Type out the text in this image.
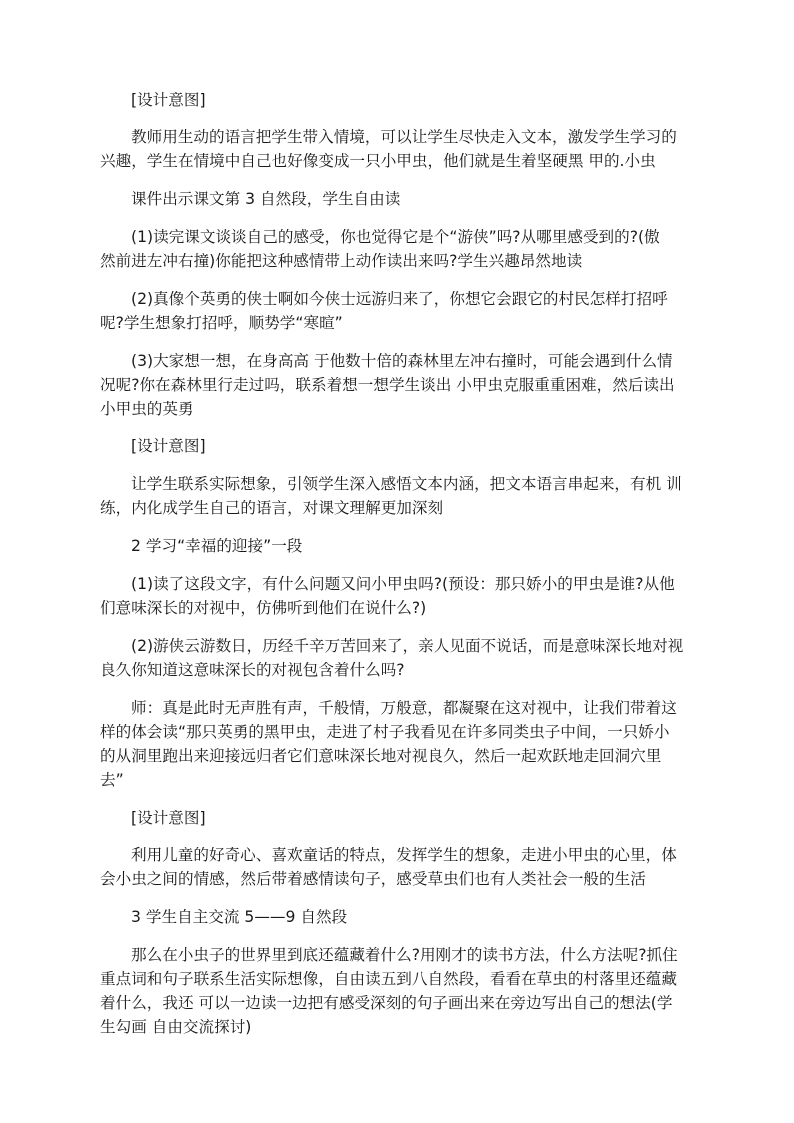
[设计意图]
教师用生动的语言把学生带入情境，可以让学生尽快走入文本，激发学生学习的
兴趣，学生在情境中自己也好像变成一只小甲虫，他们就是生着坚硬黑 甲的.小虫
课件出示课文第 3 自然段，学生自由读
(1)读完课文谈谈自己的感受，你也觉得它是个“游侠”吗?从哪里感受到的?(傲
然前进左冲右撞)你能把这种感情带上动作读出来吗?学生兴趣昂然地读
(2)真像个英勇的侠士啊如今侠士远游归来了，你想它会跟它的村民怎样打招呼
呢?学生想象打招呼，顺势学“寒暄”
(3)大家想一想，在身高高 于他数十倍的森林里左冲右撞时，可能会遇到什么情
况呢?你在森林里行走过吗，联系着想一想学生谈出 小甲虫克服重重困难，然后读出
小甲虫的英勇
[设计意图]
让学生联系实际想象，引领学生深入感悟文本内涵，把文本语言串起来，有机 训
练，内化成学生自己的语言，对课文理解更加深刻
2 学习“幸福的迎接”一段
(1)读了这段文字，有什么问题又问小甲虫吗?(预设：那只娇小的甲虫是谁?从他
们意味深长的对视中，仿佛听到他们在说什么?)
(2)游侠云游数日，历经千辛万苦回来了，亲人见面不说话，而是意味深长地对视
良久你知道这意味深长的对视包含着什么吗?
师：真是此时无声胜有声，千般情，万般意，都凝聚在这对视中，让我们带着这
样的体会读“那只英勇的黑甲虫，走进了村子我看见在许多同类虫子中间，一只娇小
的从洞里跑出来迎接远归者它们意味深长地对视良久，然后一起欢跃地走回洞穴里
去”
[设计意图]
利用儿童的好奇心、喜欢童话的特点，发挥学生的想象，走进小甲虫的心里，体
会小虫之间的情感，然后带着感情读句子，感受草虫们也有人类社会一般的生活
3 学生自主交流 5——9 自然段
那么在小虫子的世界里到底还蕴藏着什么?用刚才的读书方法，什么方法呢?抓住
重点词和句子联系生活实际想像，自由读五到八自然段，看看在草虫的村落里还蕴藏
着什么，我还 可以一边读一边把有感受深刻的句子画出来在旁边写出自己的想法(学
生勾画 自由交流探讨)
